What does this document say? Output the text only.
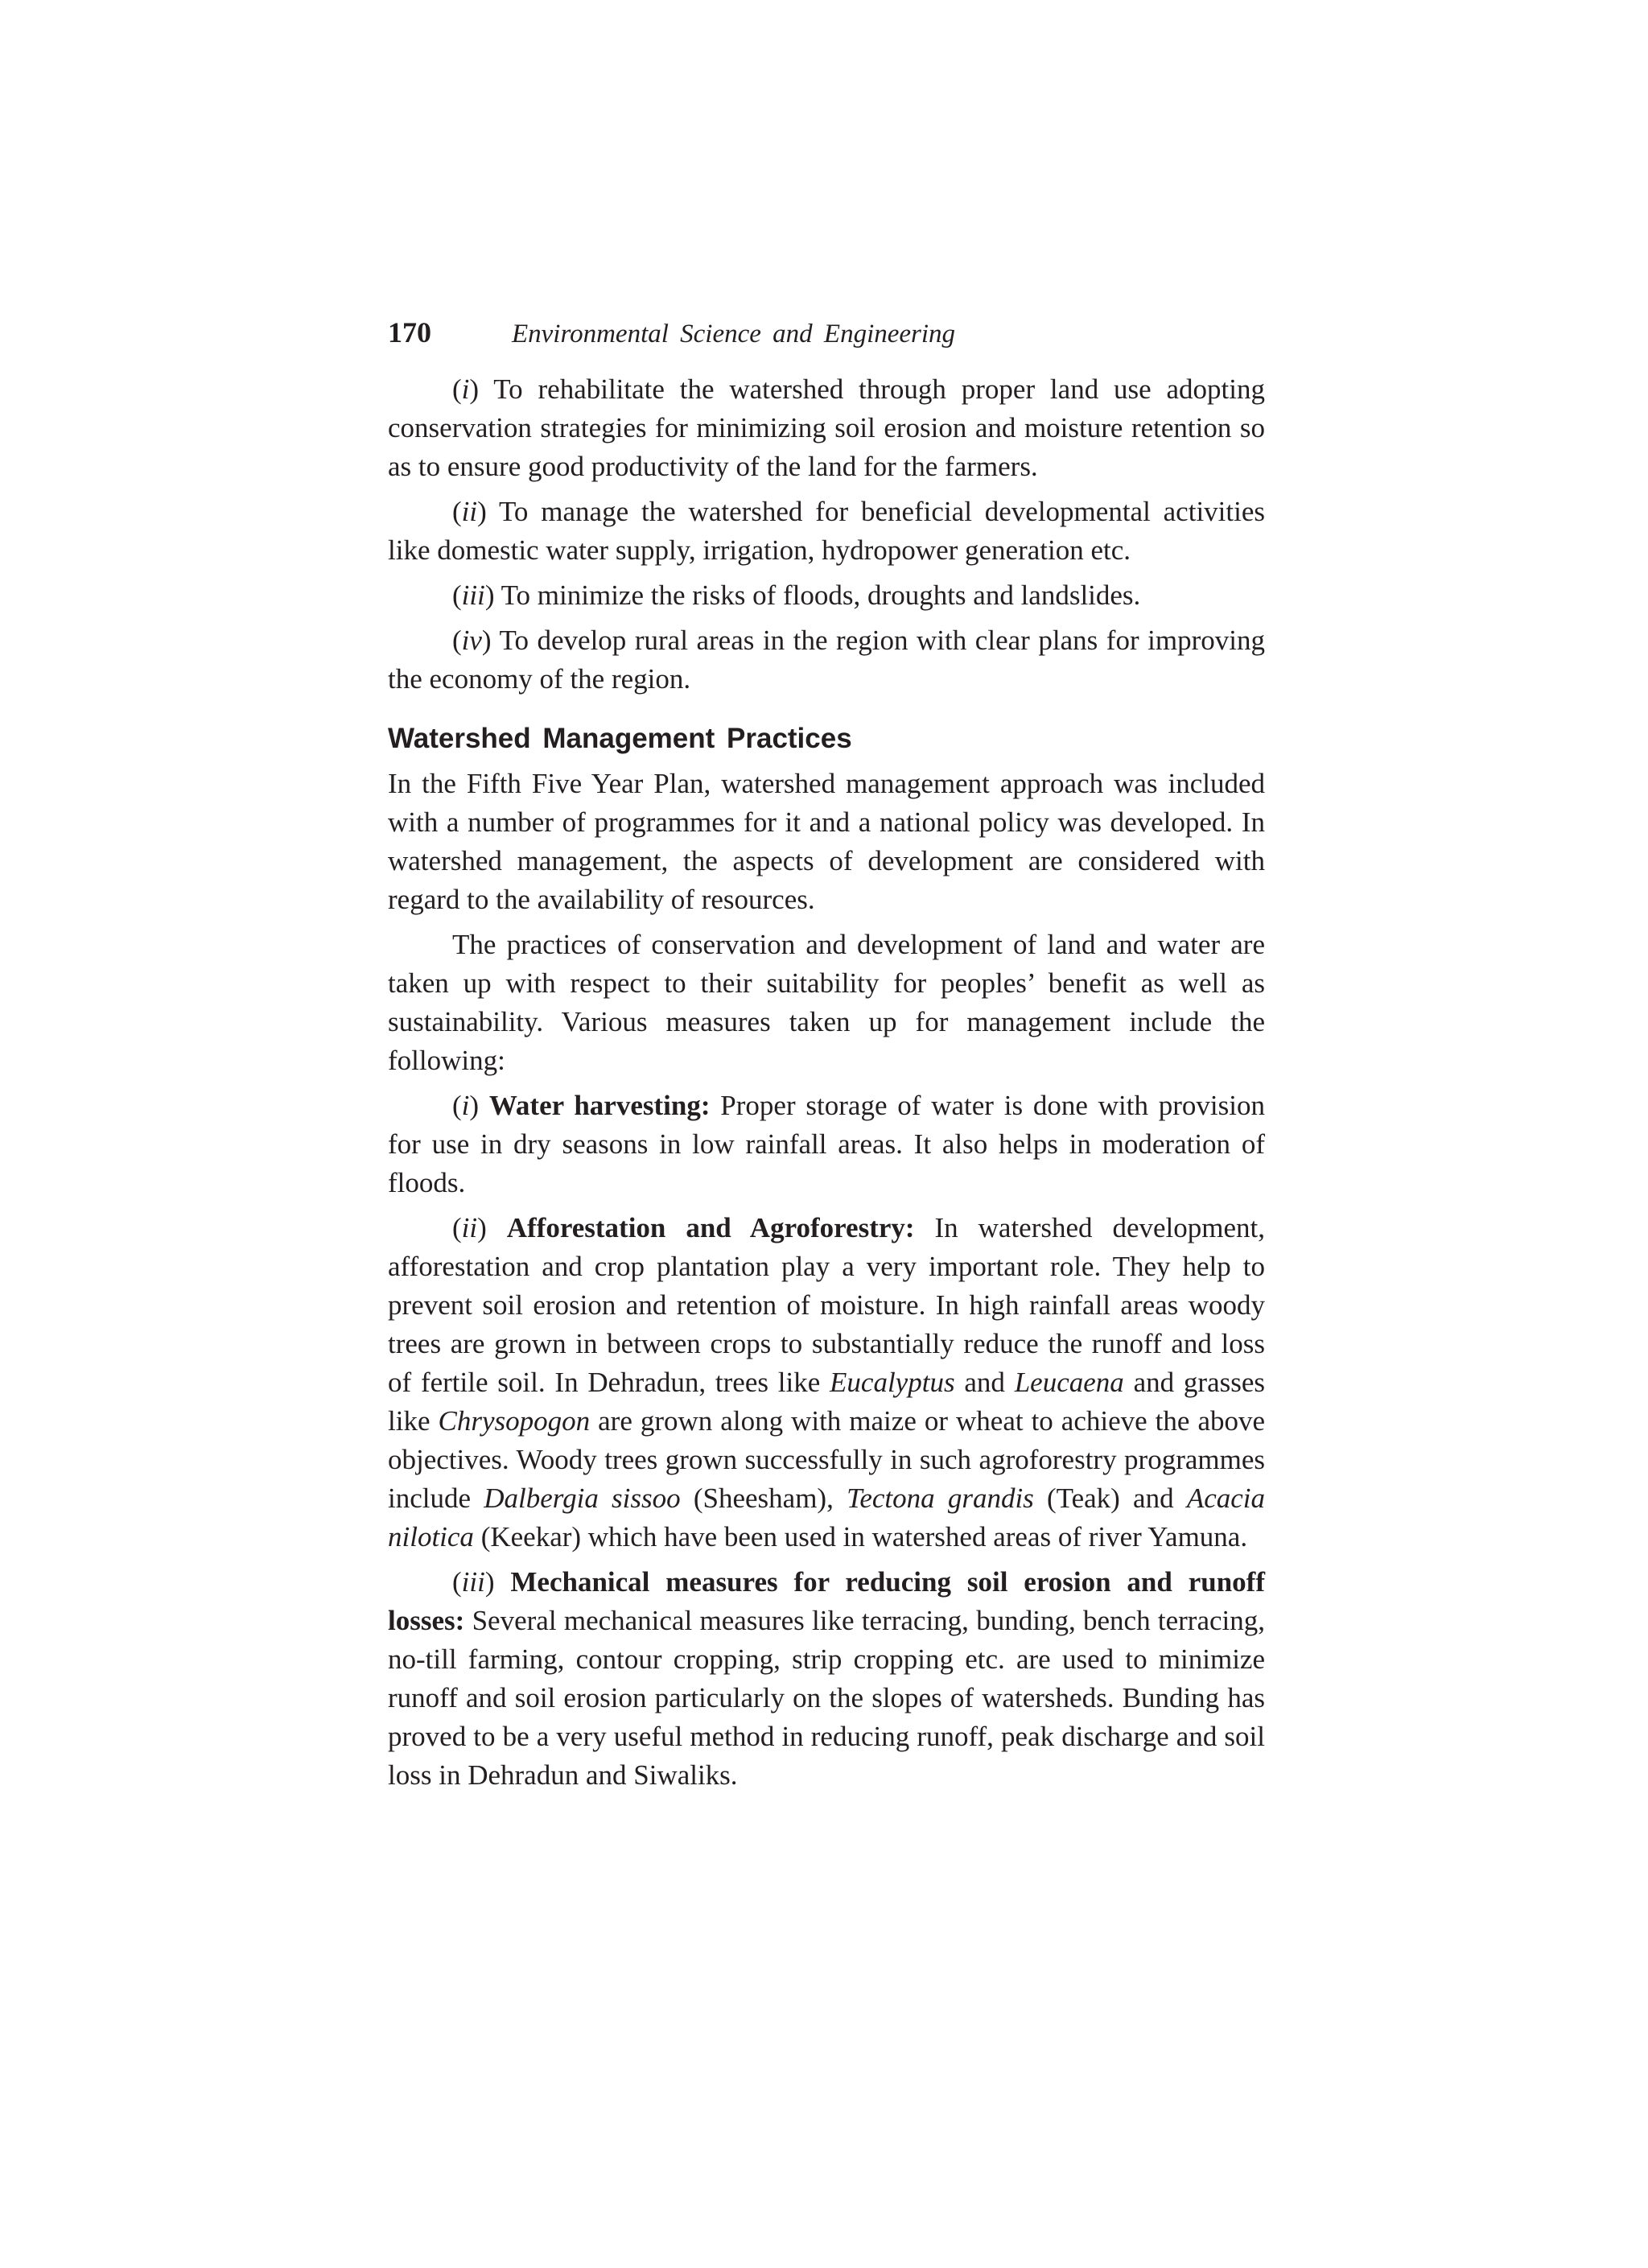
170	Environmental Science and Engineering

(i) To rehabilitate the watershed through proper land use adopting conservation strategies for minimizing soil erosion and moisture retention so as to ensure good productivity of the land for the farmers.

(ii) To manage the watershed for beneficial developmental activities like domestic water supply, irrigation, hydropower generation etc.

(iii) To minimize the risks of floods, droughts and landslides.

(iv) To develop rural areas in the region with clear plans for improving the economy of the region.

Watershed Management Practices

In the Fifth Five Year Plan, watershed management approach was included with a number of programmes for it and a national policy was developed. In watershed management, the aspects of development are considered with regard to the availability of resources.

The practices of conservation and development of land and water are taken up with respect to their suitability for peoples’ benefit as well as sustainability. Various measures taken up for management include the following:

(i) Water harvesting: Proper storage of water is done with provision for use in dry seasons in low rainfall areas. It also helps in moderation of floods.

(ii) Afforestation and Agroforestry: In watershed development, afforestation and crop plantation play a very important role. They help to prevent soil erosion and retention of moisture. In high rainfall areas woody trees are grown in between crops to substantially reduce the runoff and loss of fertile soil. In Dehradun, trees like Eucalyptus and Leucaena and grasses like Chrysopogon are grown along with maize or wheat to achieve the above objectives. Woody trees grown successfully in such agroforestry programmes include Dalbergia sissoo (Sheesham), Tectona grandis (Teak) and Acacia nilotica (Keekar) which have been used in watershed areas of river Yamuna.

(iii) Mechanical measures for reducing soil erosion and runoff losses: Several mechanical measures like terracing, bunding, bench terracing, no-till farming, contour cropping, strip cropping etc. are used to minimize runoff and soil erosion particularly on the slopes of watersheds. Bunding has proved to be a very useful method in reducing runoff, peak discharge and soil loss in Dehradun and Siwaliks.
